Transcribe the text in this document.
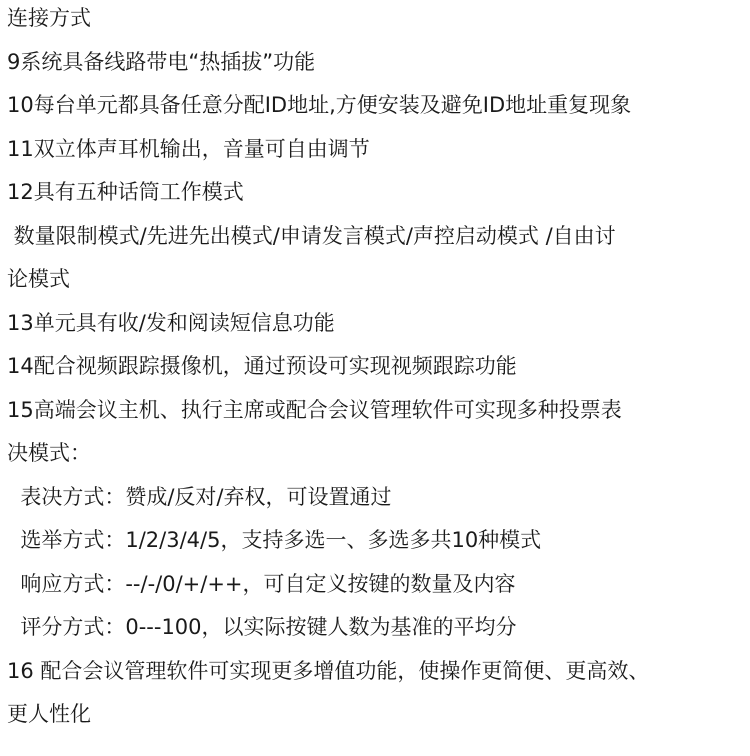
连接方式
9系统具备线路带电“热插拔”功能
10每台单元都具备任意分配ID地址,方便安装及避免ID地址重复现象
11双立体声耳机输出，音量可自由调节
12具有五种话筒工作模式
数量限制模式/先进先出模式/申请发言模式/声控启动模式 /自由讨
论模式
13单元具有收/发和阅读短信息功能
14配合视频跟踪摄像机，通过预设可实现视频跟踪功能
15高端会议主机、执行主席或配合会议管理软件可实现多种投票表
决模式：
表决方式：赞成/反对/弃权，可设置通过
选举方式：1/2/3/4/5，支持多选一、多选多共10种模式
响应方式：--/-/0/+/++，可自定义按键的数量及内容
评分方式：0---100，以实际按键人数为基准的平均分
16 配合会议管理软件可实现更多增值功能，使操作更简便、更高效、
更人性化
